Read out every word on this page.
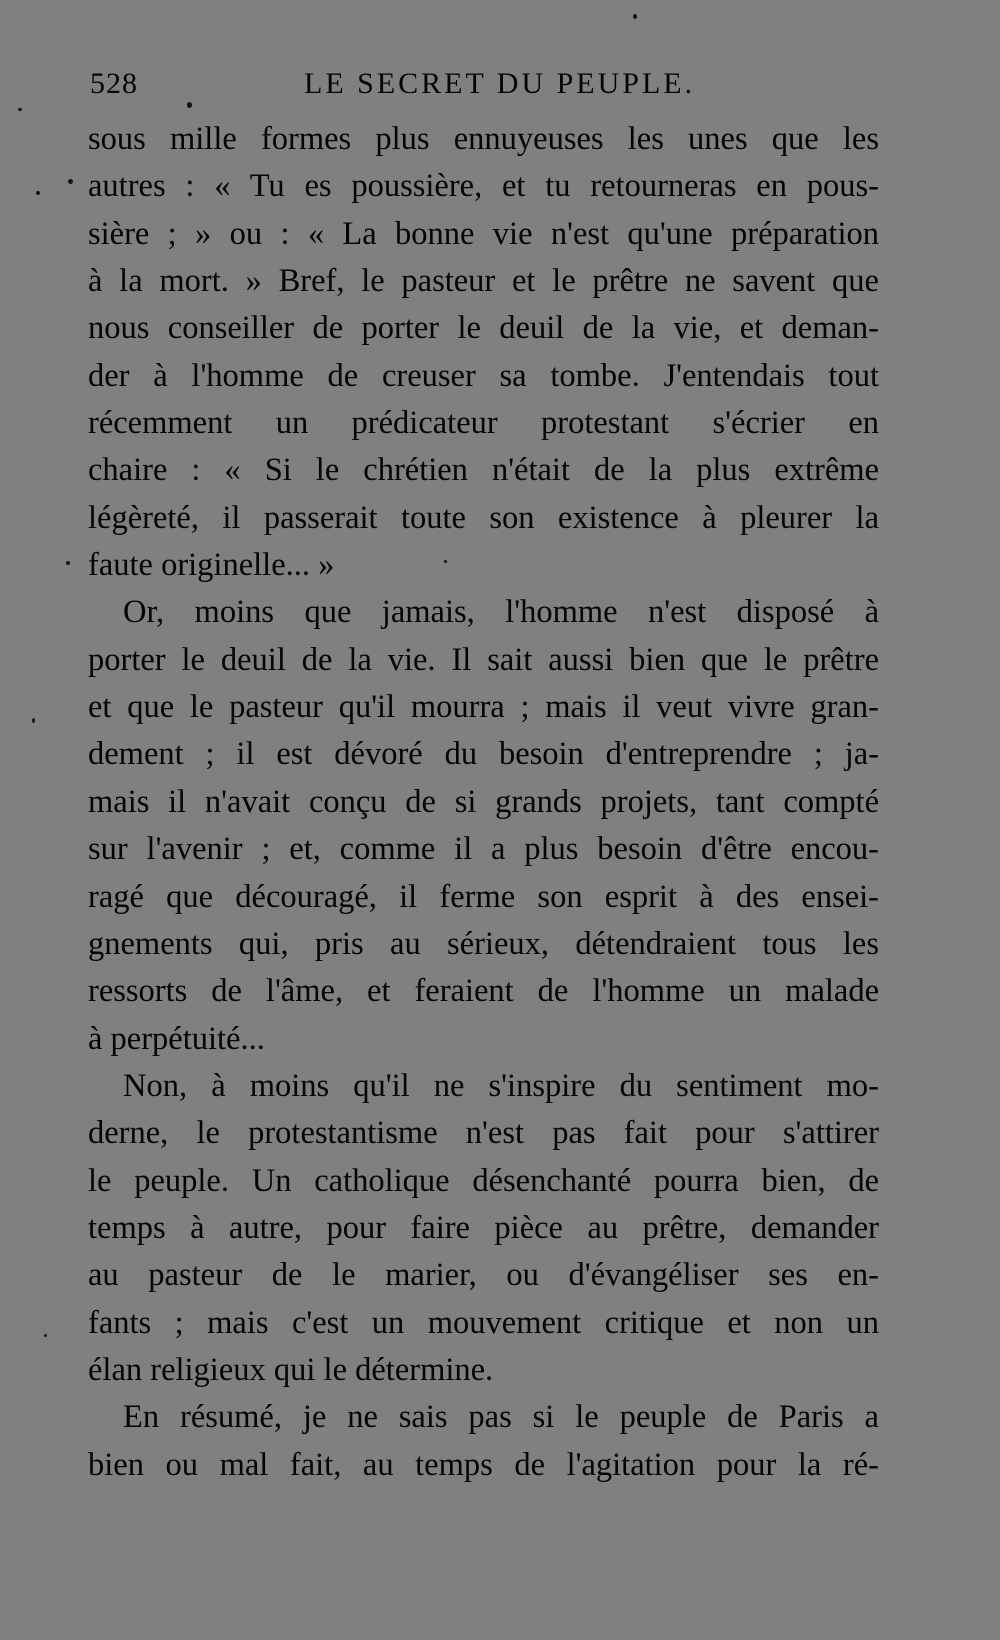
528	LE SECRET DU PEUPLE.
sous mille formes plus ennuyeuses les unes que les
autres : « Tu es poussière, et tu retourneras en pous-
sière ; » ou : « La bonne vie n'est qu'une préparation
à la mort. » Bref, le pasteur et le prêtre ne savent que
nous conseiller de porter le deuil de la vie, et deman-
der à l'homme de creuser sa tombe. J'entendais tout
récemment un prédicateur protestant s'écrier en
chaire : « Si le chrétien n'était de la plus extrême
légèreté, il passerait toute son existence à pleurer la
faute originelle... »
Or, moins que jamais, l'homme n'est disposé à
porter le deuil de la vie. Il sait aussi bien que le prêtre
et que le pasteur qu'il mourra ; mais il veut vivre gran-
dement ; il est dévoré du besoin d'entreprendre ; ja-
mais il n'avait conçu de si grands projets, tant compté
sur l'avenir ; et, comme il a plus besoin d'être encou-
ragé que découragé, il ferme son esprit à des ensei-
gnements qui, pris au sérieux, détendraient tous les
ressorts de l'âme, et feraient de l'homme un malade
à perpétuité...
Non, à moins qu'il ne s'inspire du sentiment mo-
derne, le protestantisme n'est pas fait pour s'attirer
le peuple. Un catholique désenchanté pourra bien, de
temps à autre, pour faire pièce au prêtre, demander
au pasteur de le marier, ou d'évangéliser ses en-
fants ; mais c'est un mouvement critique et non un
élan religieux qui le détermine.
En résumé, je ne sais pas si le peuple de Paris a
bien ou mal fait, au temps de l'agitation pour la ré-
